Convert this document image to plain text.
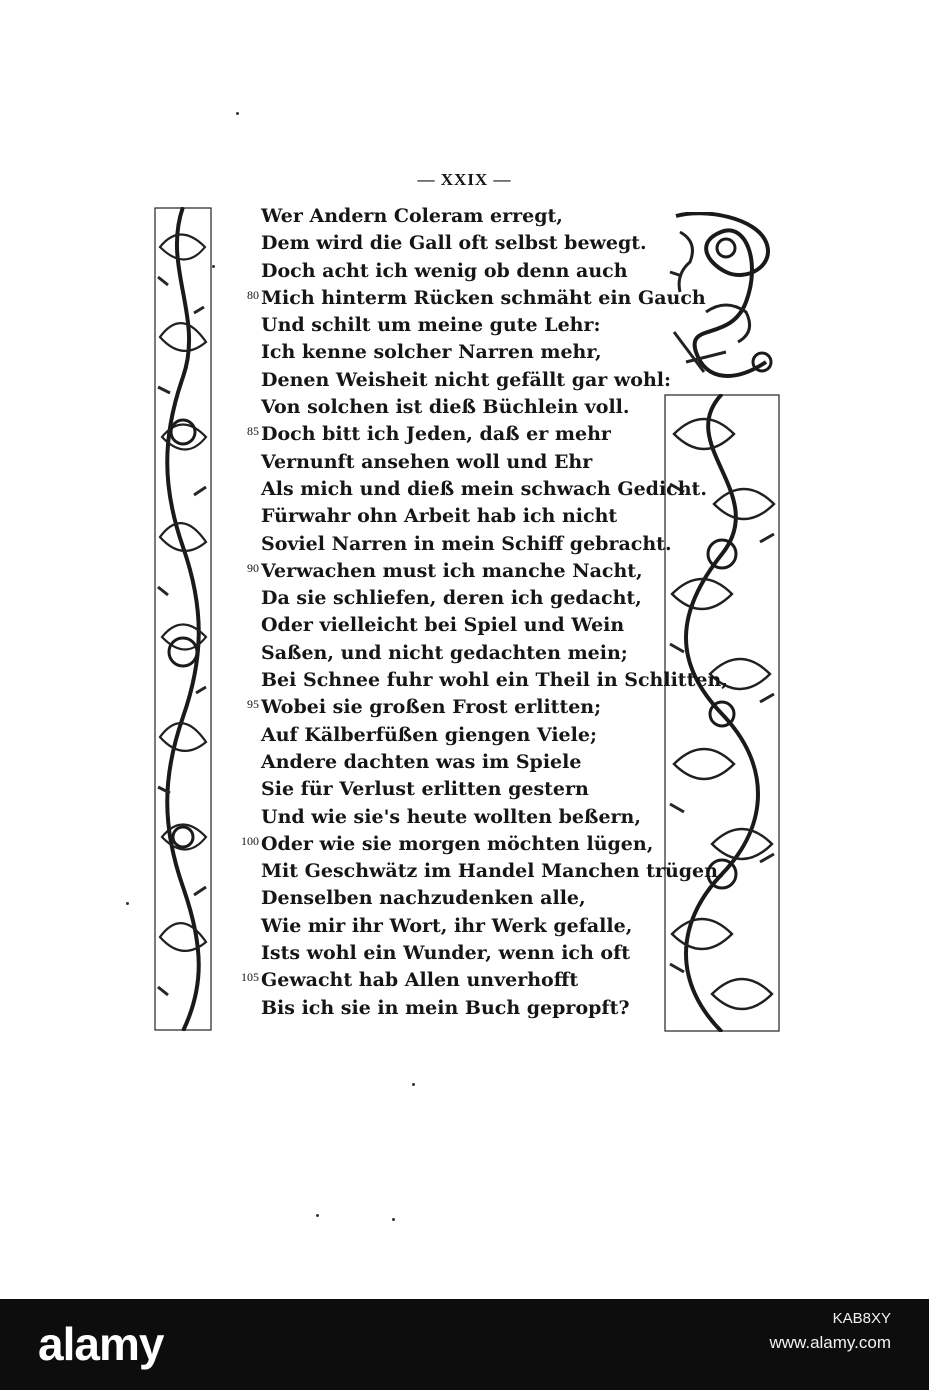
— XXIX —
Wer Andern Coleram erregt,
Dem wird die Gall oft selbst bewegt.
Doch acht ich wenig ob denn auch
80 Mich hinterm Rücken schmäht ein Gauch
Und schilt um meine gute Lehr:
Ich kenne solcher Narren mehr,
Denen Weisheit nicht gefällt gar wohl:
Von solchen ist dieß Büchlein voll.
85 Doch bitt ich Jeden, daß er mehr
Vernunft ansehen woll und Ehr
Als mich und dieß mein schwach Gedicht.
Fürwahr ohn Arbeit hab ich nicht
Soviel Narren in mein Schiff gebracht.
90 Verwachen must ich manche Nacht,
Da sie schliefen, deren ich gedacht,
Oder vielleicht bei Spiel und Wein
Saßen, und nicht gedachten mein;
Bei Schnee fuhr wohl ein Theil in Schlitten,
95 Wobei sie großen Frost erlitten;
Auf Kälberfüßen giengen Viele;
Andere dachten was im Spiele
Sie für Verlust erlitten gestern
Und wie sie's heute wollten beßern,
100 Oder wie sie morgen möchten lügen,
Mit Geschwätz im Handel Manchen trügen.
Denselben nachzudenken alle,
Wie mir ihr Wort, ihr Werk gefalle,
Ists wohl ein Wunder, wenn ich oft
105 Gewacht hab Allen unverhofft
Bis ich sie in mein Buch gepropft?
alamy	KAB8XY
www.alamy.com
